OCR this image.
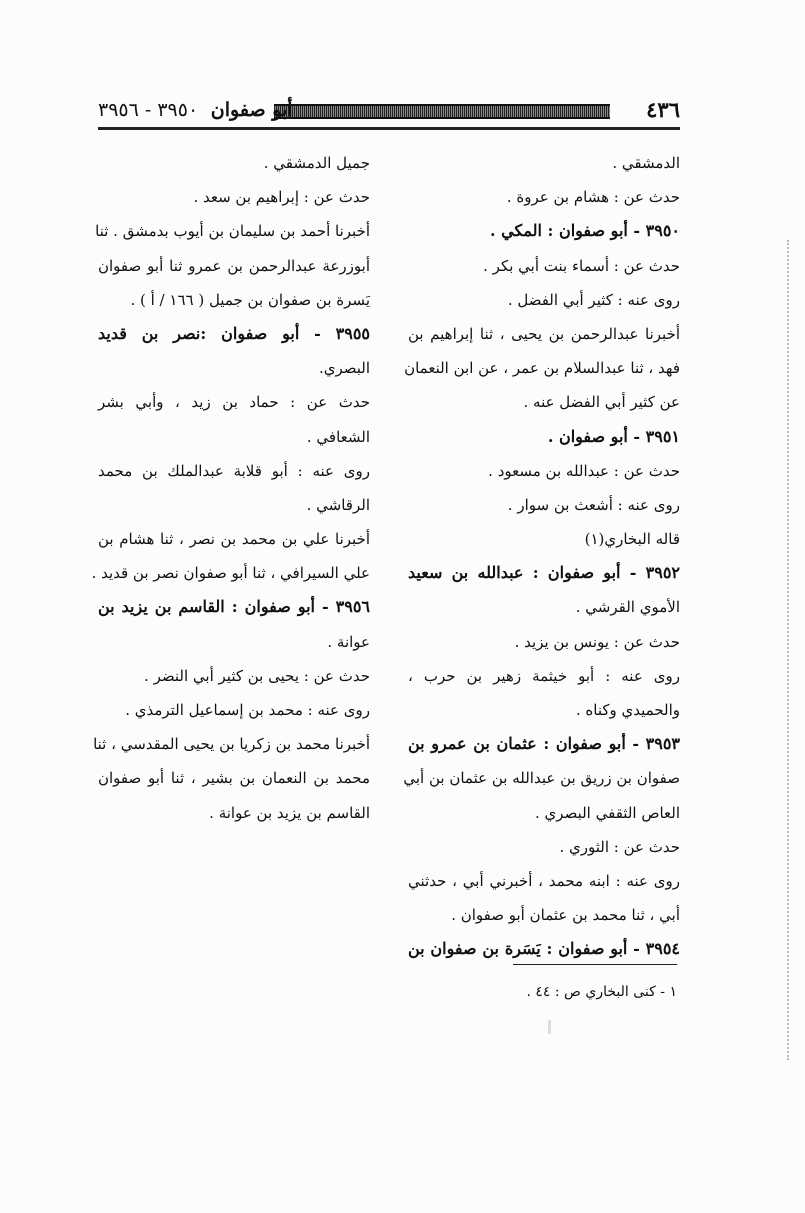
٤٣٦
أبو صفوان ٣٩٥٠ - ٣٩٥٦
الدمشقي .
حدث عن : هشام بن عروة .
٣٩٥٠ - أبو صفوان : المكي .
حدث عن : أسماء بنت أبي بكر .
روى عنه : كثير أبي الفضل .
أخبرنا عبدالرحمن بن يحيى ، ثنا إبراهيم بن
فهد ، ثنا عبدالسلام بن عمر ، عن ابن النعمان
عن كثير أبي الفضل عنه .
٣٩٥١ - أبو صفوان .
حدث عن : عبدالله بن مسعود .
روى عنه : أشعث بن سوار .
قاله البخاري(١)
٣٩٥٢ - أبو صفوان : عبدالله بن سعيد
الأموي القرشي .
حدث عن : يونس بن يزيد .
روى عنه : أبو خيثمة زهير بن حرب ،
والحميدي وكناه .
٣٩٥٣ - أبو صفوان : عثمان بن عمرو بن
صفوان بن زريق بن عبدالله بن عثمان بن أبي
العاص الثقفي البصري .
حدث عن : الثوري .
روى عنه : ابنه محمد ، أخبرني أبي ، حدثني
أبي ، ثنا محمد بن عثمان أبو صفوان .
٣٩٥٤ - أبو صفوان : يَسَرة بن صفوان بن
جميل الدمشقي .
حدث عن : إبراهيم بن سعد .
أخبرنا أحمد بن سليمان بن أيوب بدمشق . ثنا
أبوزرعة عبدالرحمن بن عمرو ثنا أبو صفوان
يَسرة بن صفوان بن جميل ( ١٦٦ / أ ) .
٣٩٥٥ - أبو صفوان :نصر بن قديد
البصري.
حدث عن : حماد بن زيد ، وأبي بشر
الشعافي .
روى عنه : أبو قلابة عبدالملك بن محمد
الرقاشي .
أخبرنا علي بن محمد بن نصر ، ثنا هشام بن
علي السيرافي ، ثنا أبو صفوان نصر بن قديد .
٣٩٥٦ - أبو صفوان : القاسم بن يزيد بن
عوانة .
حدث عن : يحيى بن كثير أبي النضر .
روى عنه : محمد بن إسماعيل الترمذي .
أخبرنا محمد بن زكريا بن يحيى المقدسي ، ثنا
محمد بن النعمان بن بشير ، ثنا أبو صفوان
القاسم بن يزيد بن عوانة .
١ - كنى البخاري ص : ٤٤ .
